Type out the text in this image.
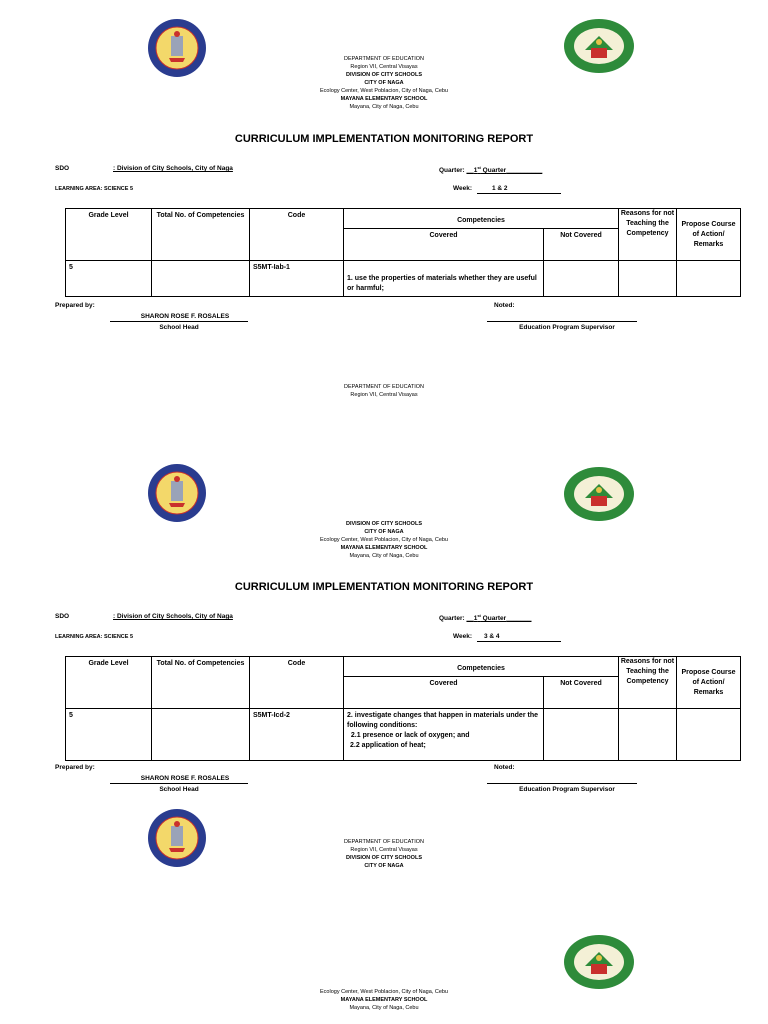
DEPARTMENT OF EDUCATION
Region VII, Central Visayas
DIVISION OF CITY SCHOOLS
CITY OF NAGA
Ecology Center, West Poblacion, City of Naga, Cebu
MAYANA ELEMENTARY SCHOOL
Mayana, City of Naga, Cebu
CURRICULUM IMPLEMENTATION MONITORING REPORT
SDO	: Division of City Schools, City of Naga	Quarter: __1st Quarter__________
LEARNING AREA: SCIENCE 5	Week:	1 & 2
Grade Level	Total No. of Competencies	Code	Competencies		Reasons for not Teaching the Competency	Propose Course of Action/ Remarks
			Covered	Not Covered		
5		S5MT-Iab-1	1. use the properties of materials whether they are useful or harmful;			
Prepared by:	Noted:
SHARON ROSE F. ROSALES
School Head	Education Program Supervisor
DEPARTMENT OF EDUCATION
Region VII, Central Visayas
DIVISION OF CITY SCHOOLS
CITY OF NAGA
Ecology Center, West Poblacion, City of Naga, Cebu
MAYANA ELEMENTARY SCHOOL
Mayana, City of Naga, Cebu
CURRICULUM IMPLEMENTATION MONITORING REPORT
SDO	: Division of City Schools, City of Naga	Quarter: __1st Quarter_______
LEARNING AREA: SCIENCE 5	Week: 3 & 4
Grade Level	Total No. of Competencies	Code	Competencies		Reasons for not Teaching the Competency	Propose Course of Action/ Remarks
			Covered	Not Covered		
5		S5MT-Icd-2	2. investigate changes that happen in materials under the following conditions:
2.1 presence or lack of oxygen; and
2.2 application of heat;			

Prepared by:	Noted:
SHARON ROSE F. ROSALES
School Head	Education Program Supervisor
DEPARTMENT OF EDUCATION
Region VII, Central Visayas
DIVISION OF CITY SCHOOLS
CITY OF NAGA
Ecology Center, West Poblacion, City of Naga, Cebu
MAYANA ELEMENTARY SCHOOL
Mayana, City of Naga, Cebu
